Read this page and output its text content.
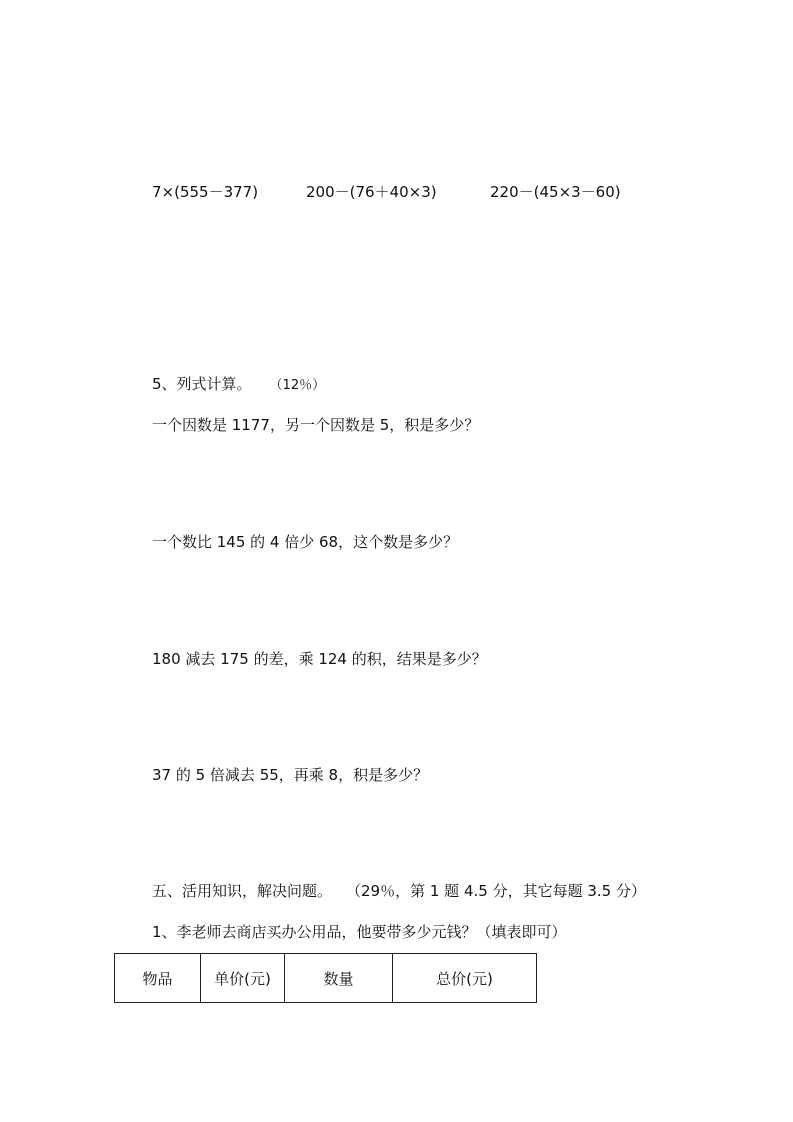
7×(555－377)	200－(76＋40×3)	220－(45×3－60)
5、列式计算。 （12％）
一个因数是 1177，另一个因数是 5，积是多少？
一个数比 145 的 4 倍少 68，这个数是多少？
180 减去 175 的差，乘 124 的积，结果是多少？
37 的 5 倍减去 55，再乘 8，积是多少？
五、活用知识，解决问题。 （29％，第 1 题 4.5 分，其它每题 3.5 分）
1、李老师去商店买办公用品，他要带多少元钱？（填表即可）
物品	单价(元)	数量	总价(元)
